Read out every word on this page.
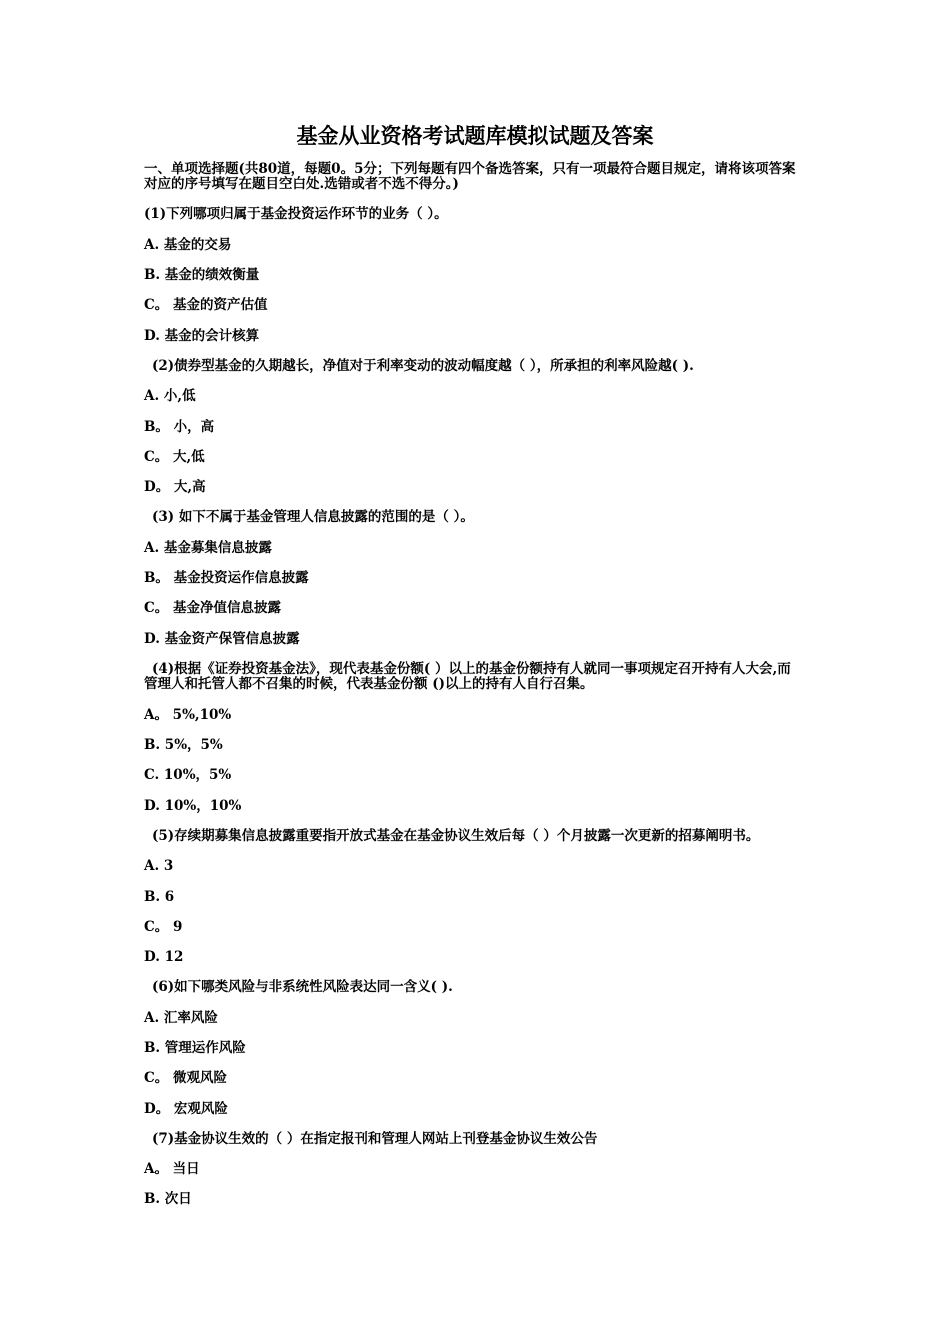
基金从业资格考试题库模拟试题及答案
一、单项选择题(共80道，每题0。5分；下列每题有四个备选答案，只有一项最符合题目规定，请将该项答案对应的序号填写在题目空白处.选错或者不选不得分。)
(1)下列哪项归属于基金投资运作环节的业务（ ）。
A. 基金的交易
B. 基金的绩效衡量
C。 基金的资产估值
D. 基金的会计核算
(2)债券型基金的久期越长，净值对于利率变动的波动幅度越（ ），所承担的利率风险越( ).
A. 小,低
B。 小，高
C。 大,低
D。 大,高
(3) 如下不属于基金管理人信息披露的范围的是（ ）。
A. 基金募集信息披露
B。 基金投资运作信息披露
C。 基金净值信息披露
D. 基金资产保管信息披露
(4)根据《证券投资基金法》，现代表基金份额( ）以上的基金份额持有人就同一事项规定召开持有人大会,而管理人和托管人都不召集的时候，代表基金份额 ()以上的持有人自行召集。
A。 5%,10%
B. 5%，5%
C. 10%，5%
D. 10%，10%
(5)存续期募集信息披露重要指开放式基金在基金协议生效后每（ ）个月披露一次更新的招募阐明书。
A. 3
B. 6
C。 9
D. 12
(6)如下哪类风险与非系统性风险表达同一含义( ).
A. 汇率风险
B. 管理运作风险
C。 微观风险
D。 宏观风险
(7)基金协议生效的（ ）在指定报刊和管理人网站上刊登基金协议生效公告
A。 当日
B. 次日
